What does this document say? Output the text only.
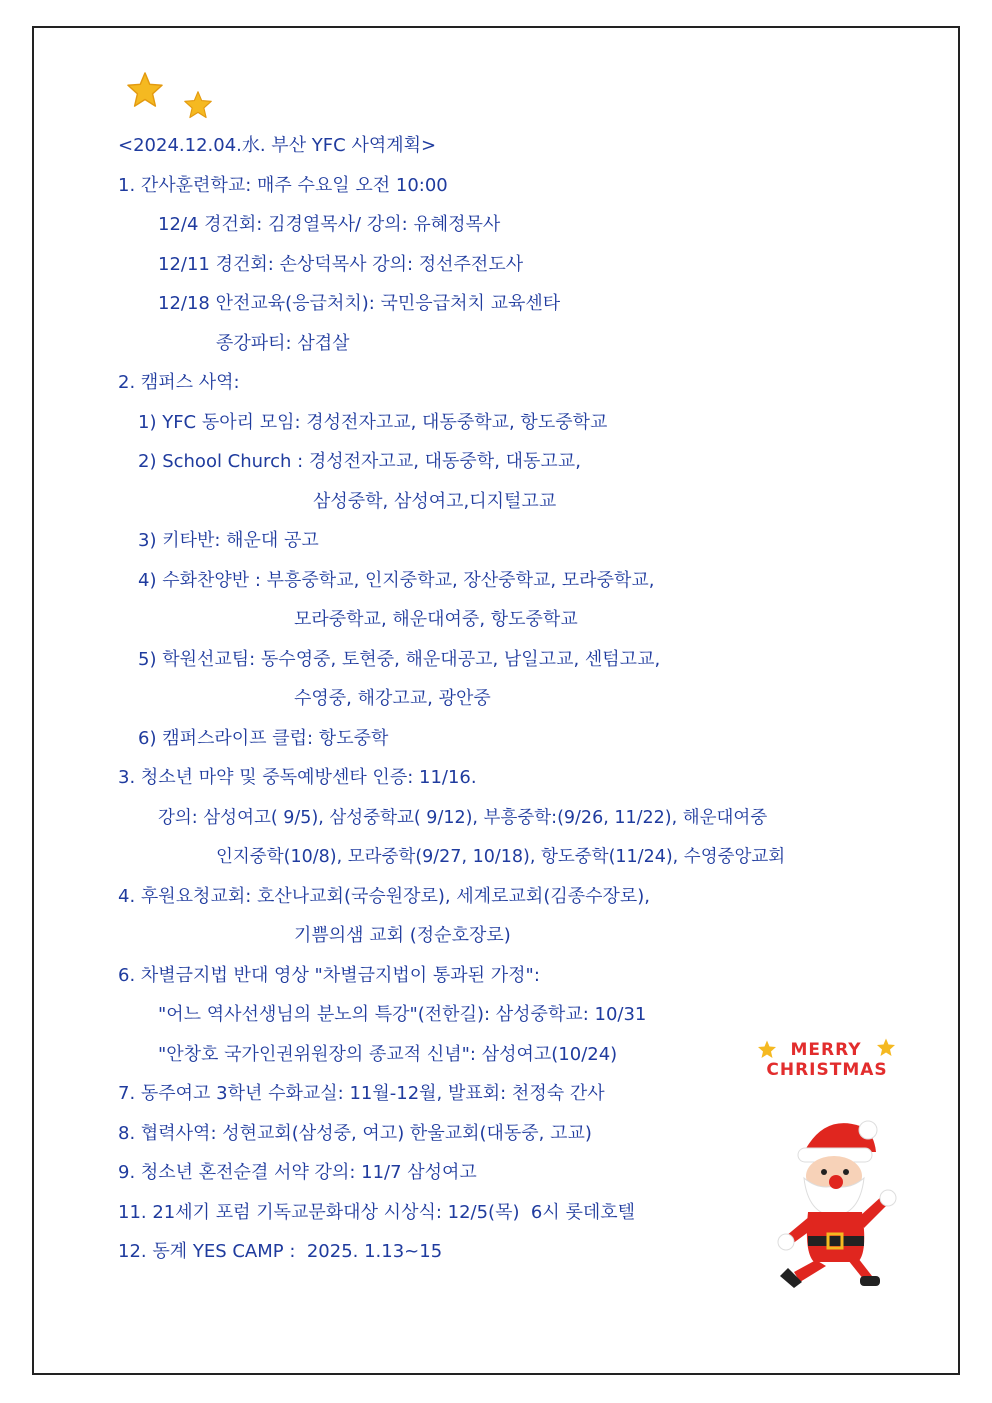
<2024.12.04.水. 부산 YFC 사역계획>
1. 간사훈련학교: 매주 수요일 오전 10:00
12/4 경건회: 김경열목사/ 강의: 유혜정목사
12/11 경건회: 손상덕목사 강의: 정선주전도사
12/18 안전교육(응급처치): 국민응급처치 교육센타
종강파티: 삼겹살
2. 캠퍼스 사역:
1) YFC 동아리 모임: 경성전자고교, 대동중학교, 항도중학교
2) School Church : 경성전자고교, 대동중학, 대동고교,
삼성중학, 삼성여고,디지털고교
3) 키타반: 해운대 공고
4) 수화찬양반 : 부흥중학교, 인지중학교, 장산중학교, 모라중학교,
모라중학교, 해운대여중, 항도중학교
5) 학원선교팀: 동수영중, 토현중, 해운대공고, 남일고교, 센텀고교,
수영중, 해강고교, 광안중
6) 캠퍼스라이프 클럽: 항도중학
3. 청소년 마약 및 중독예방센타 인증: 11/16.
강의: 삼성여고( 9/5), 삼성중학교( 9/12), 부흥중학:(9/26, 11/22), 해운대여중
인지중학(10/8), 모라중학(9/27, 10/18), 항도중학(11/24), 수영중앙교회
4. 후원요청교회: 호산나교회(국승원장로), 세계로교회(김종수장로),
기쁨의샘 교회 (정순호장로)
6. 차별금지법 반대 영상 "차별금지법이 통과된 가정":
"어느 역사선생님의 분노의 특강"(전한길): 삼성중학교: 10/31
"안창호 국가인권위원장의 종교적 신념": 삼성여고(10/24)
7. 동주여고 3학년 수화교실: 11월-12월, 발표회: 천정숙 간사
8. 협력사역: 성현교회(삼성중, 여고) 한울교회(대동중, 고교)
9. 청소년 혼전순결 서약 강의: 11/7 삼성여고
11. 21세기 포럼 기독교문화대상 시상식: 12/5(목)  6시 롯데호텔
12. 동계 YES CAMP :  2025. 1.13~15
MERRY
CHRISTMAS
